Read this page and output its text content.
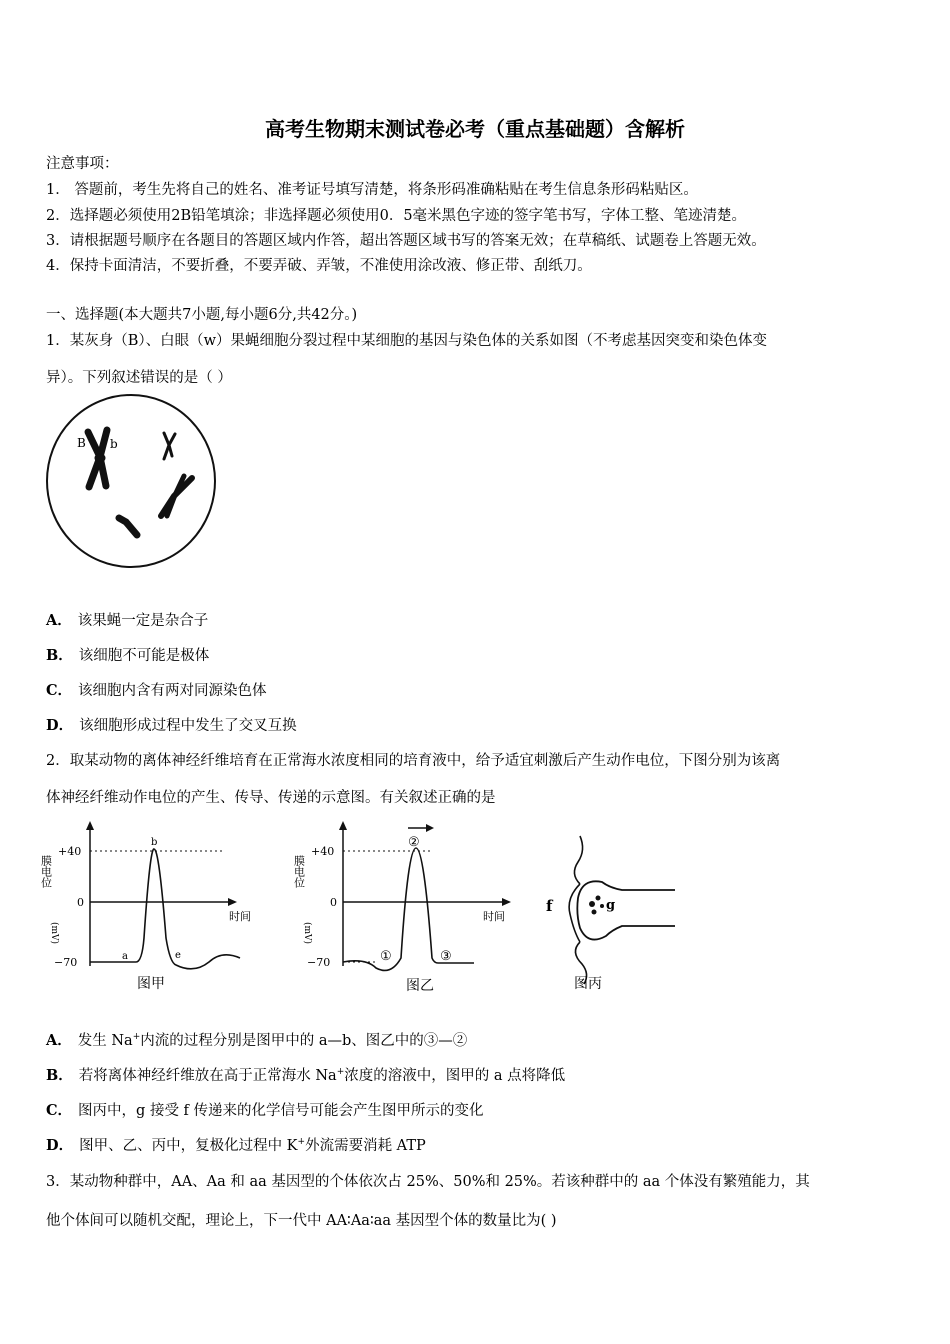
高考生物期末测试卷必考（重点基础题）含解析
注意事项：
1． 答题前，考生先将自己的姓名、准考证号填写清楚，将条形码准确粘贴在考生信息条形码粘贴区。
2．选择题必须使用2B铅笔填涂；非选择题必须使用0．5毫米黑色字迹的签字笔书写，字体工整、笔迹清楚。
3．请根据题号顺序在各题目的答题区域内作答，超出答题区域书写的答案无效；在草稿纸、试题卷上答题无效。
4．保持卡面清洁，不要折叠，不要弄破、弄皱，不准使用涂改液、修正带、刮纸刀。
一、选择题(本大题共7小题,每小题6分,共42分。)
1．某灰身（B）、白眼（w）果蝇细胞分裂过程中某细胞的基因与染色体的关系如图（不考虑基因突变和染色体变
异）。下列叙述错误的是（ ）
B b
A． 该果蝇一定是杂合子
B． 该细胞不可能是极体
C． 该细胞内含有两对同源染色体
D． 该细胞形成过程中发生了交叉互换
2．取某动物的离体神经纤维培育在正常海水浓度相同的培育液中，给予适宜刺激后产生动作电位，下图分别为该离
体神经纤维动作电位的产生、传导、传递的示意图。有关叙述正确的是
膜电位
+40
0
−70
(mV)
时间
a
b
e
图甲
膜电位
+40
0
−70
(mV)
时间
①
②
③
图乙
f	g
图丙
A． 发生 Na+内流的过程分别是图甲中的 a—b、图乙中的③—②
B． 若将离体神经纤维放在高于正常海水 Na+浓度的溶液中，图甲的 a 点将降低
C． 图丙中，g 接受 f 传递来的化学信号可能会产生图甲所示的变化
D． 图甲、乙、丙中，复极化过程中 K+外流需要消耗 ATP
3．某动物种群中，AA、Aa 和 aa 基因型的个体依次占 25%、50%和 25%。若该种群中的 aa 个体没有繁殖能力，其
他个体间可以随机交配，理论上，下一代中 AA∶Aa∶aa 基因型个体的数量比为( )
